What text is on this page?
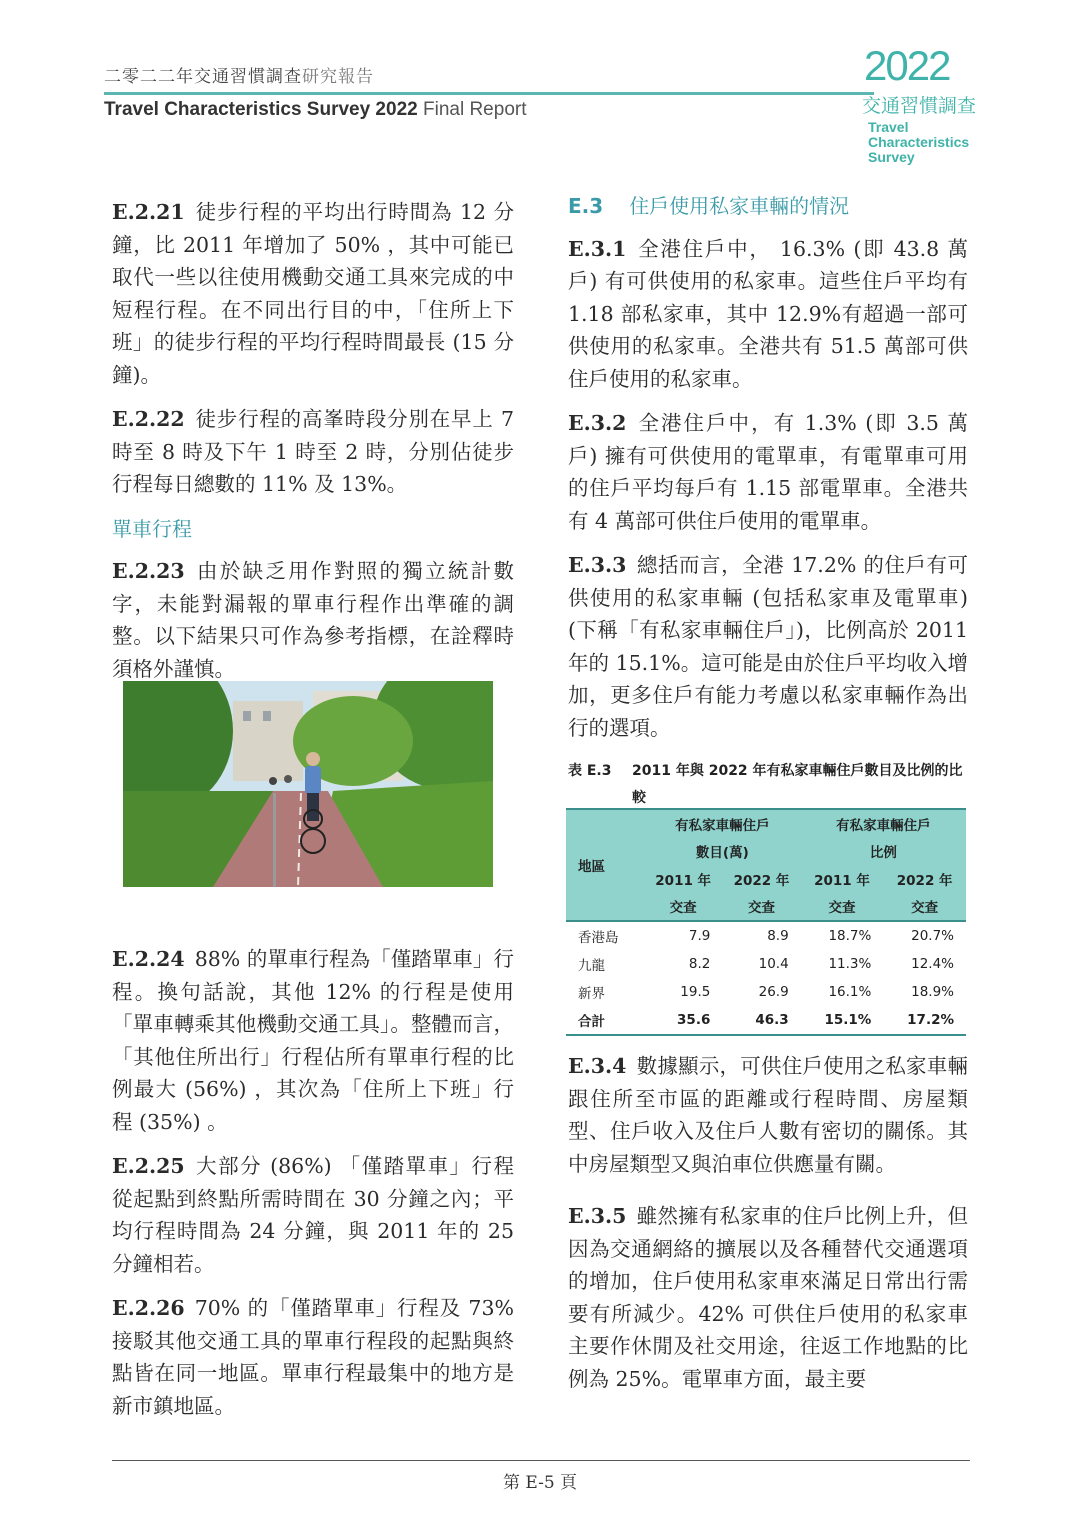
二零二二年交通習慣調查研究報告
Travel Characteristics Survey 2022 Final Report
2022
交通習慣調查
Travel
Characteristics
Survey

E.2.21 徒步行程的平均出行時間為 12 分鐘，比 2011 年增加了 50% ，其中可能已取代一些以往使用機動交通工具來完成的中短程行程。在不同出行目的中，「住所上下班」的徒步行程的平均行程時間最長 (15 分鐘)。

E.2.22 徒步行程的高峯時段分別在早上 7 時至 8 時及下午 1 時至 2 時，分別佔徒步行程每日總數的 11% 及 13%。

單車行程

E.2.23 由於缺乏用作對照的獨立統計數字，未能對漏報的單車行程作出準確的調整。以下結果只可作為參考指標，在詮釋時須格外謹慎。

E.2.24 88% 的單車行程為「僅踏單車」行程。換句話說，其他 12% 的行程是使用「單車轉乘其他機動交通工具」。整體而言，「其他住所出行」行程佔所有單車行程的比例最大 (56%) ，其次為「住所上下班」行程 (35%) 。

E.2.25 大部分 (86%) 「僅踏單車」行程從起點到終點所需時間在 30 分鐘之內；平均行程時間為 24 分鐘，與 2011 年的 25 分鐘相若。

E.2.26 70% 的「僅踏單車」行程及 73% 接駁其他交通工具的單車行程段的起點與終點皆在同一地區。單車行程最集中的地方是新市鎮地區。

E.3 住戶使用私家車輛的情況

E.3.1 全港住戶中， 16.3% (即 43.8 萬戶) 有可供使用的私家車。這些住戶平均有 1.18 部私家車，其中 12.9%有超過一部可供使用的私家車。全港共有 51.5 萬部可供住戶使用的私家車。

E.3.2 全港住戶中，有 1.3% (即 3.5 萬戶) 擁有可供使用的電單車，有電單車可用的住戶平均每戶有 1.15 部電單車。全港共有 4 萬部可供住戶使用的電單車。

E.3.3 總括而言，全港 17.2% 的住戶有可供使用的私家車輛 (包括私家車及電單車) (下稱「有私家車輛住戶」)，比例高於 2011 年的 15.1%。這可能是由於住戶平均收入增加，更多住戶有能力考慮以私家車輛作為出行的選項。

表 E.3 2011 年與 2022 年有私家車輛住戶數目及比例的比較
地區	有私家車輛住戶		有私家車輛住戶	
	數目(萬)		比例	
	2011 年	2022 年	2011 年	2022 年
	交查	交查	交查	交查
香港島	7.9	8.9	18.7%	20.7%
九龍	8.2	10.4	11.3%	12.4%
新界	19.5	26.9	16.1%	18.9%
合計	35.6	46.3	15.1%	17.2%

E.3.4 數據顯示，可供住戶使用之私家車輛跟住所至市區的距離或行程時間、房屋類型、住戶收入及住戶人數有密切的關係。其中房屋類型又與泊車位供應量有關。

E.3.5 雖然擁有私家車的住戶比例上升，但因為交通網絡的擴展以及各種替代交通選項的增加，住戶使用私家車來滿足日常出行需要有所減少。42% 可供住戶使用的私家車主要作休閒及社交用途，往返工作地點的比例為 25%。電單車方面，最主要

第 E-5 頁
